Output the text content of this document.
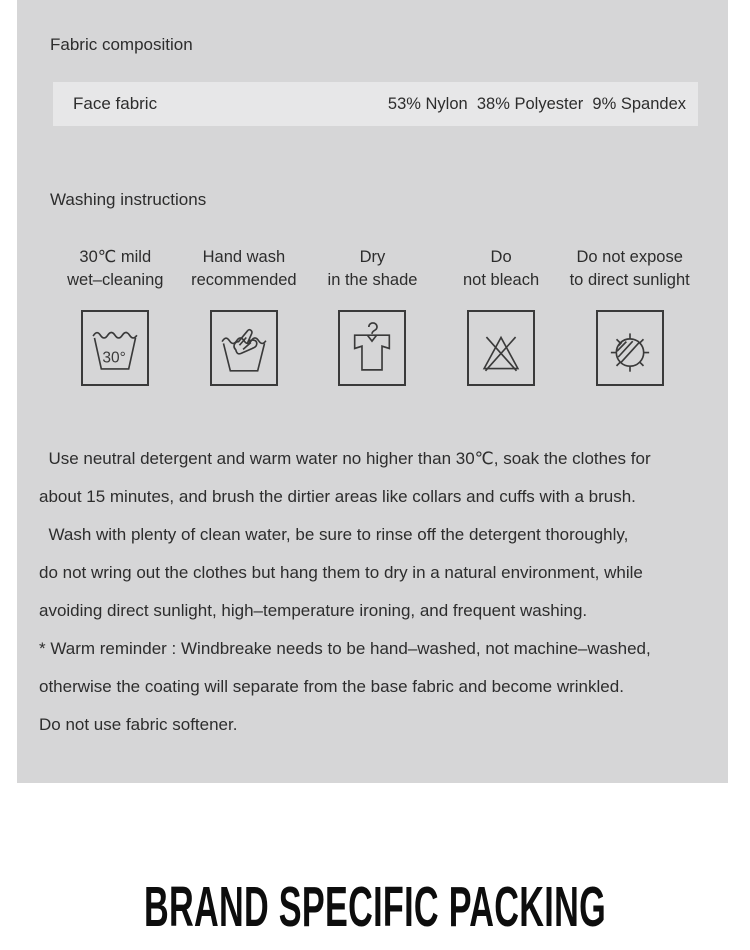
Fabric composition
Face fabric	53% Nylon  38% Polyester  9% Spandex
Washing instructions
30℃ mild
wet–cleaning
30°
Hand wash
recommended
Dry
in the shade
Do
not bleach
Do not expose
to direct sunlight
Use neutral detergent and warm water no higher than 30℃, soak the clothes for
about 15 minutes, and brush the dirtier areas like collars and cuffs with a brush.
Wash with plenty of clean water, be sure to rinse off the detergent thoroughly,
do not wring out the clothes but hang them to dry in a natural environment, while
avoiding direct sunlight, high–temperature ironing, and frequent washing.
* Warm reminder : Windbreake needs to be hand–washed, not machine–washed,
otherwise the coating will separate from the base fabric and become wrinkled.
Do not use fabric softener.
BRAND SPECIFIC PACKING
